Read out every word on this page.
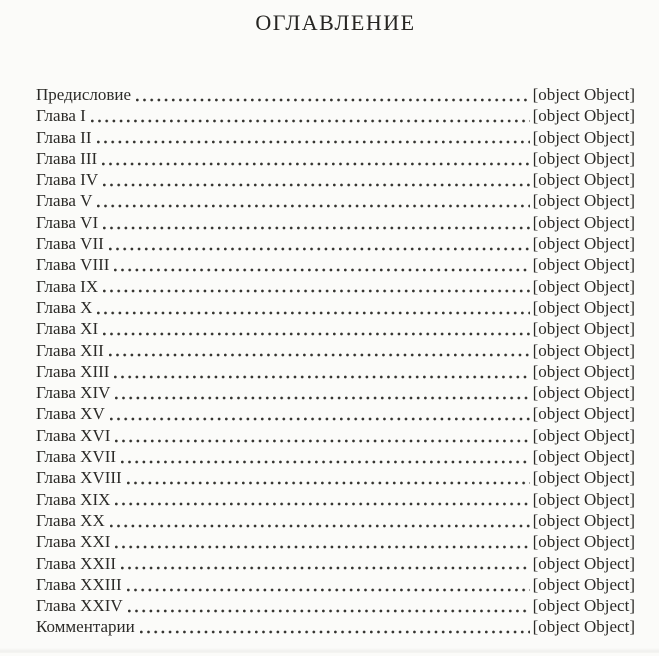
ОГЛАВЛЕНИЕ
Предисловие	[object Object]
Глава I	[object Object]
Глава II	[object Object]
Глава III	[object Object]
Глава IV	[object Object]
Глава V	[object Object]
Глава VI	[object Object]
Глава VII	[object Object]
Глава VIII	[object Object]
Глава IX	[object Object]
Глава X	[object Object]
Глава XI	[object Object]
Глава XII	[object Object]
Глава XIII	[object Object]
Глава XIV	[object Object]
Глава XV	[object Object]
Глава XVI	[object Object]
Глава XVII	[object Object]
Глава XVIII	[object Object]
Глава XIX	[object Object]
Глава XX	[object Object]
Глава XXI	[object Object]
Глава XXII	[object Object]
Глава XXIII	[object Object]
Глава XXIV	[object Object]
Комментарии	[object Object]
